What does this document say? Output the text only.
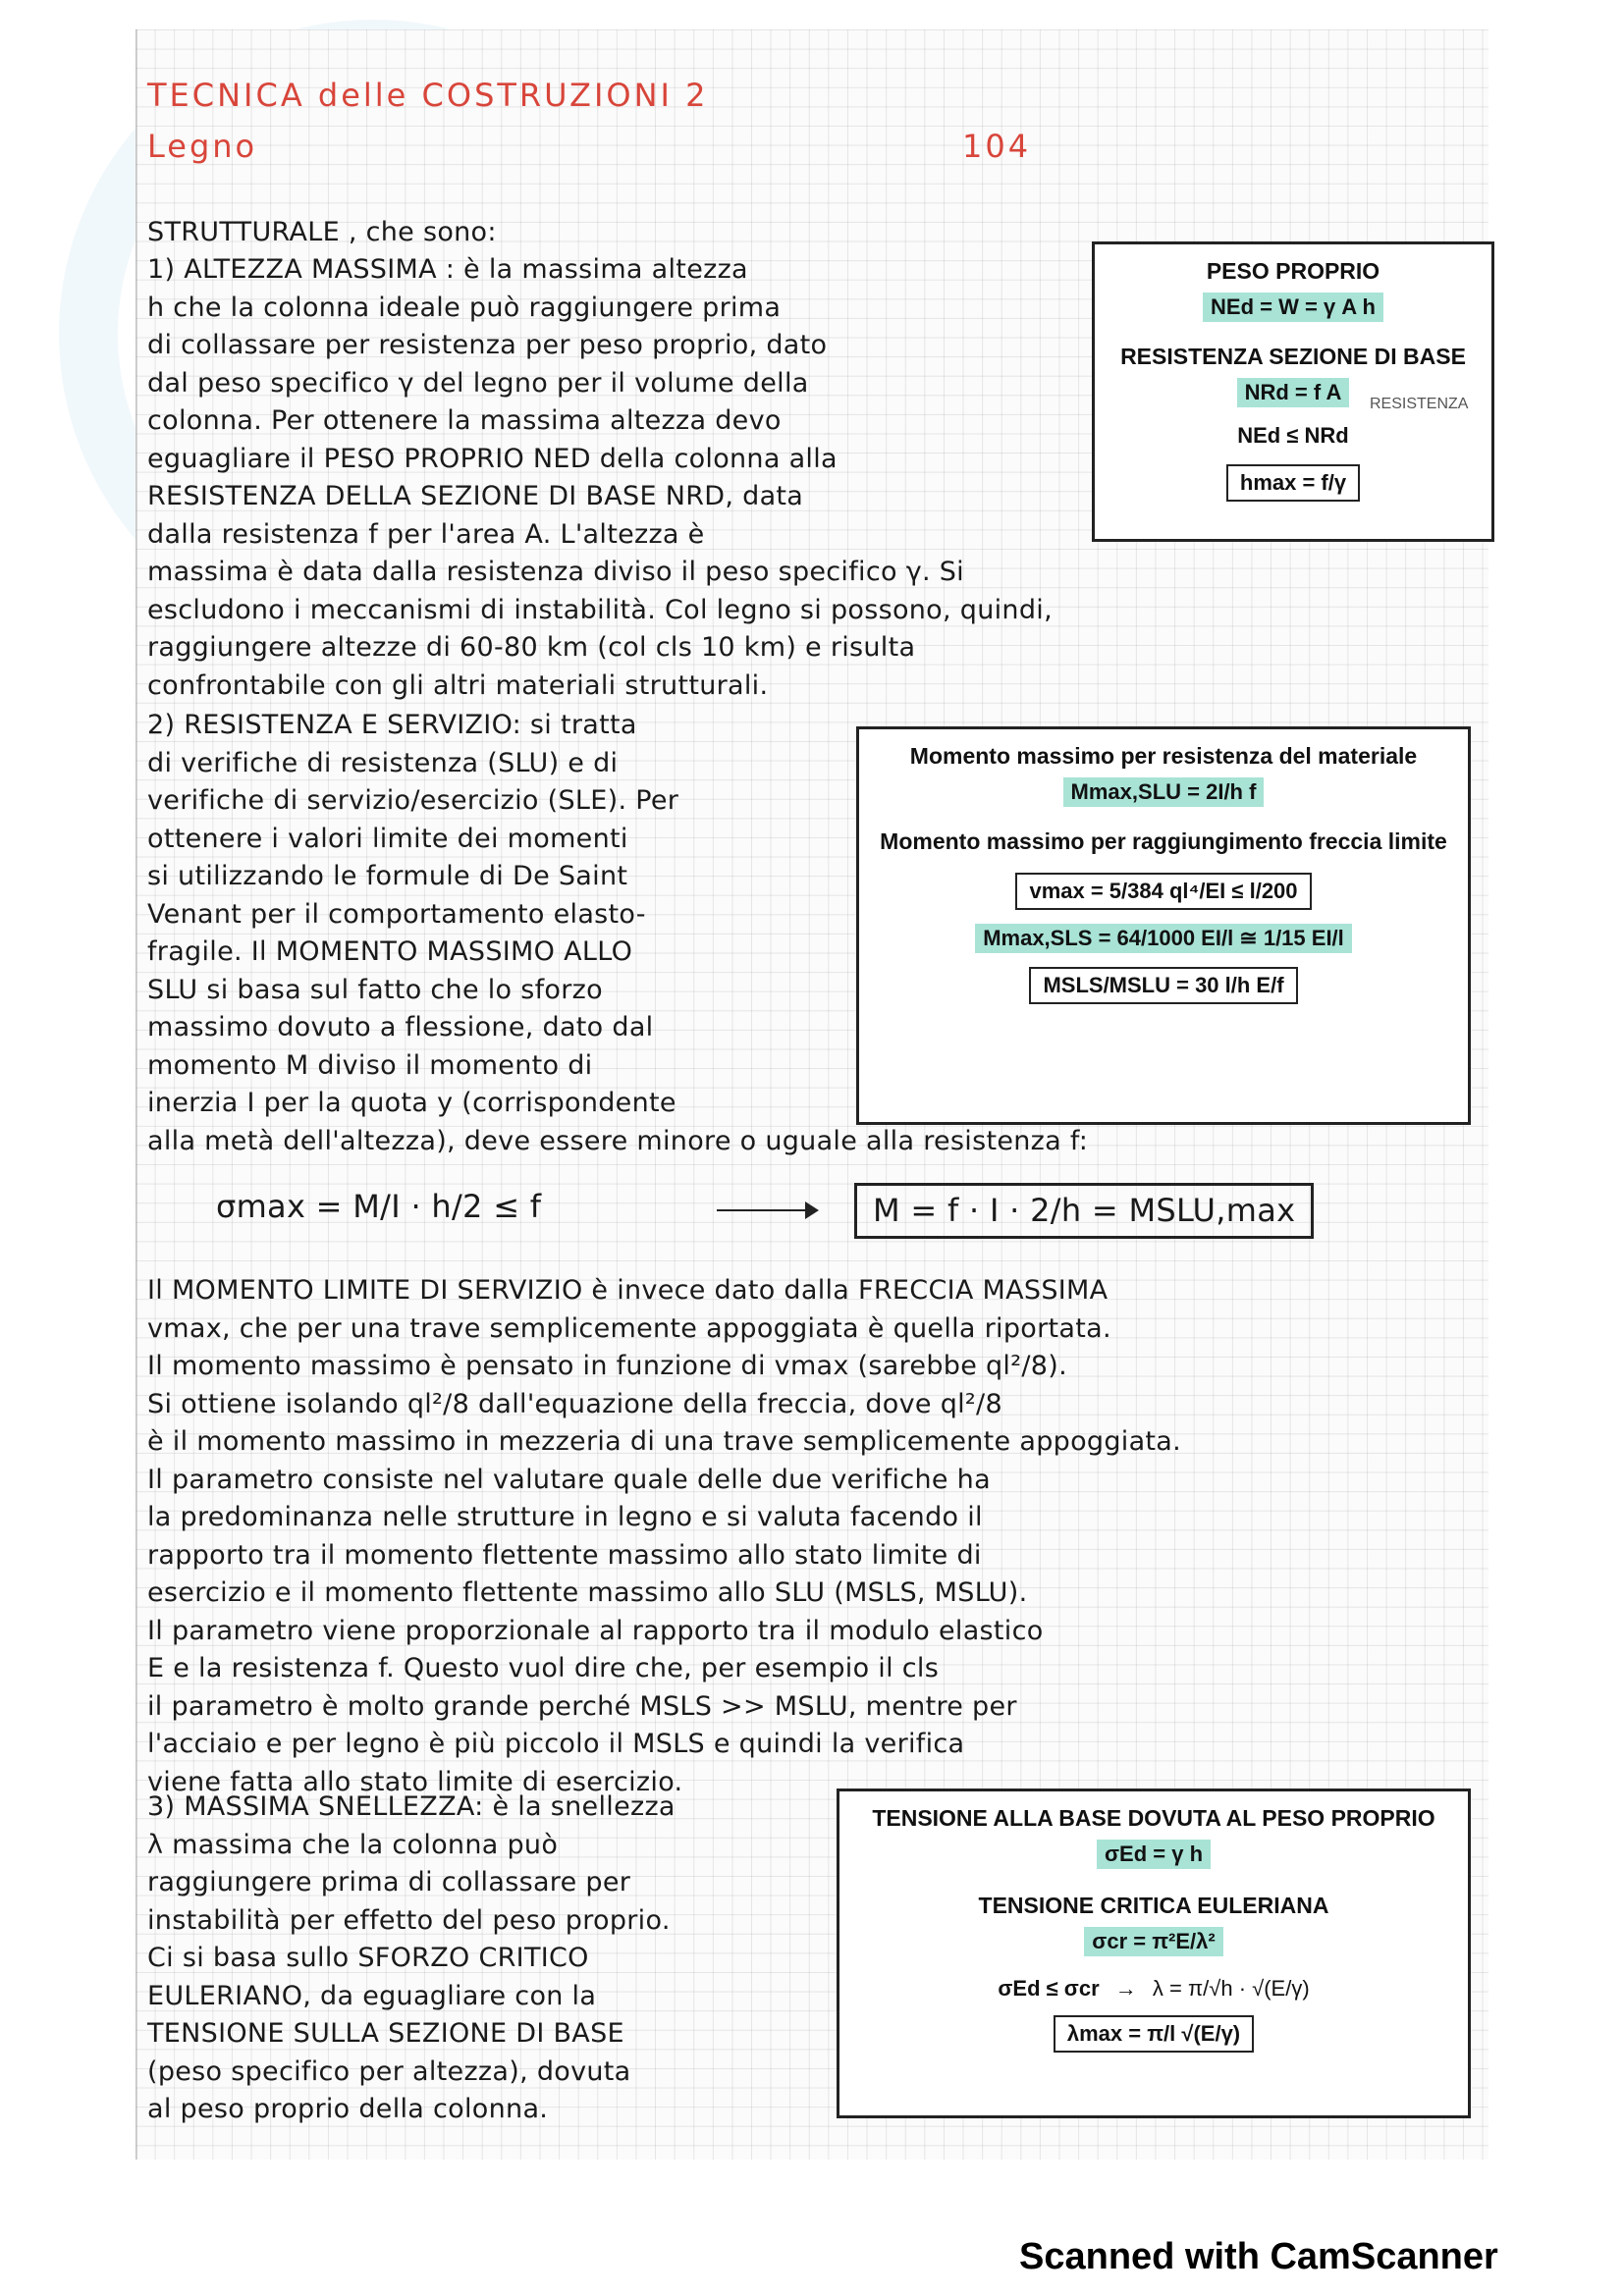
TECNICA delle COSTRUZIONI 2
Legno	104
STRUTTURALE , che sono:
1) ALTEZZA MASSIMA : è la massima altezza
h che la colonna ideale può raggiungere prima
di collassare per resistenza per peso proprio, dato
dal peso specifico γ del legno per il volume della
colonna. Per ottenere la massima altezza devo
eguagliare il PESO PROPRIO NED della colonna alla
RESISTENZA DELLA SEZIONE DI BASE NRD, data
dalla resistenza f per l'area A. L'altezza è
massima è data dalla resistenza diviso il peso specifico γ. Si
escludono i meccanismi di instabilità. Col legno si possono, quindi,
raggiungere altezze di 60-80 km (col cls 10 km) e risulta
confrontabile con gli altri materiali strutturali.
PESO PROPRIO
NEd = W = γ A h
RESISTENZA SEZIONE DI BASE
NRd = f A RESISTENZA
NEd ≤ NRd
hmax = f/γ
2) RESISTENZA E SERVIZIO: si tratta
di verifiche di resistenza (SLU) e di
verifiche di servizio/esercizio (SLE). Per
ottenere i valori limite dei momenti
si utilizzando le formule di De Saint
Venant per il comportamento elasto-
fragile. Il MOMENTO MASSIMO ALLO
SLU si basa sul fatto che lo sforzo
massimo dovuto a flessione, dato dal
momento M diviso il momento di
inerzia I per la quota y (corrispondente
alla metà dell'altezza), deve essere minore o uguale alla resistenza f:
Momento massimo per resistenza del materiale
Mmax,SLU = 2I/h f
Momento massimo per raggiungimento freccia limite
vmax = 5/384 ql⁴/EI ≤ l/200
Mmax,SLS = 64/1000 EI/l ≅ 1/15 EI/l
MSLS/MSLU = 30 l/h E/f
σmax = M/I · h/2 ≤ f	M = f · I · 2/h = MSLU,max
Il MOMENTO LIMITE DI SERVIZIO è invece dato dalla FRECCIA MASSIMA
vmax, che per una trave semplicemente appoggiata è quella riportata.
Il momento massimo è pensato in funzione di vmax (sarebbe ql²/8).
Si ottiene isolando ql²/8 dall'equazione della freccia, dove ql²/8
è il momento massimo in mezzeria di una trave semplicemente appoggiata.
Il parametro consiste nel valutare quale delle due verifiche ha
la predominanza nelle strutture in legno e si valuta facendo il
rapporto tra il momento flettente massimo allo stato limite di
esercizio e il momento flettente massimo allo SLU (MSLS, MSLU).
Il parametro viene proporzionale al rapporto tra il modulo elastico
E e la resistenza f. Questo vuol dire che, per esempio il cls
il parametro è molto grande perché MSLS >> MSLU, mentre per
l'acciaio e per legno è più piccolo il MSLS e quindi la verifica
viene fatta allo stato limite di esercizio.
3) MASSIMA SNELLEZZA: è la snellezza
λ massima che la colonna può
raggiungere prima di collassare per
instabilità per effetto del peso proprio.
Ci si basa sullo SFORZO CRITICO
EULERIANO, da eguagliare con la
TENSIONE SULLA SEZIONE DI BASE
(peso specifico per altezza), dovuta
al peso proprio della colonna.
TENSIONE ALLA BASE DOVUTA AL PESO PROPRIO
σEd = γ h
TENSIONE CRITICA EULERIANA
σcr = π²E/λ²
σEd ≤ σcr → λ = π/√h · √(E/γ)
λmax = π/l √(E/γ)
Scanned with CamScanner
